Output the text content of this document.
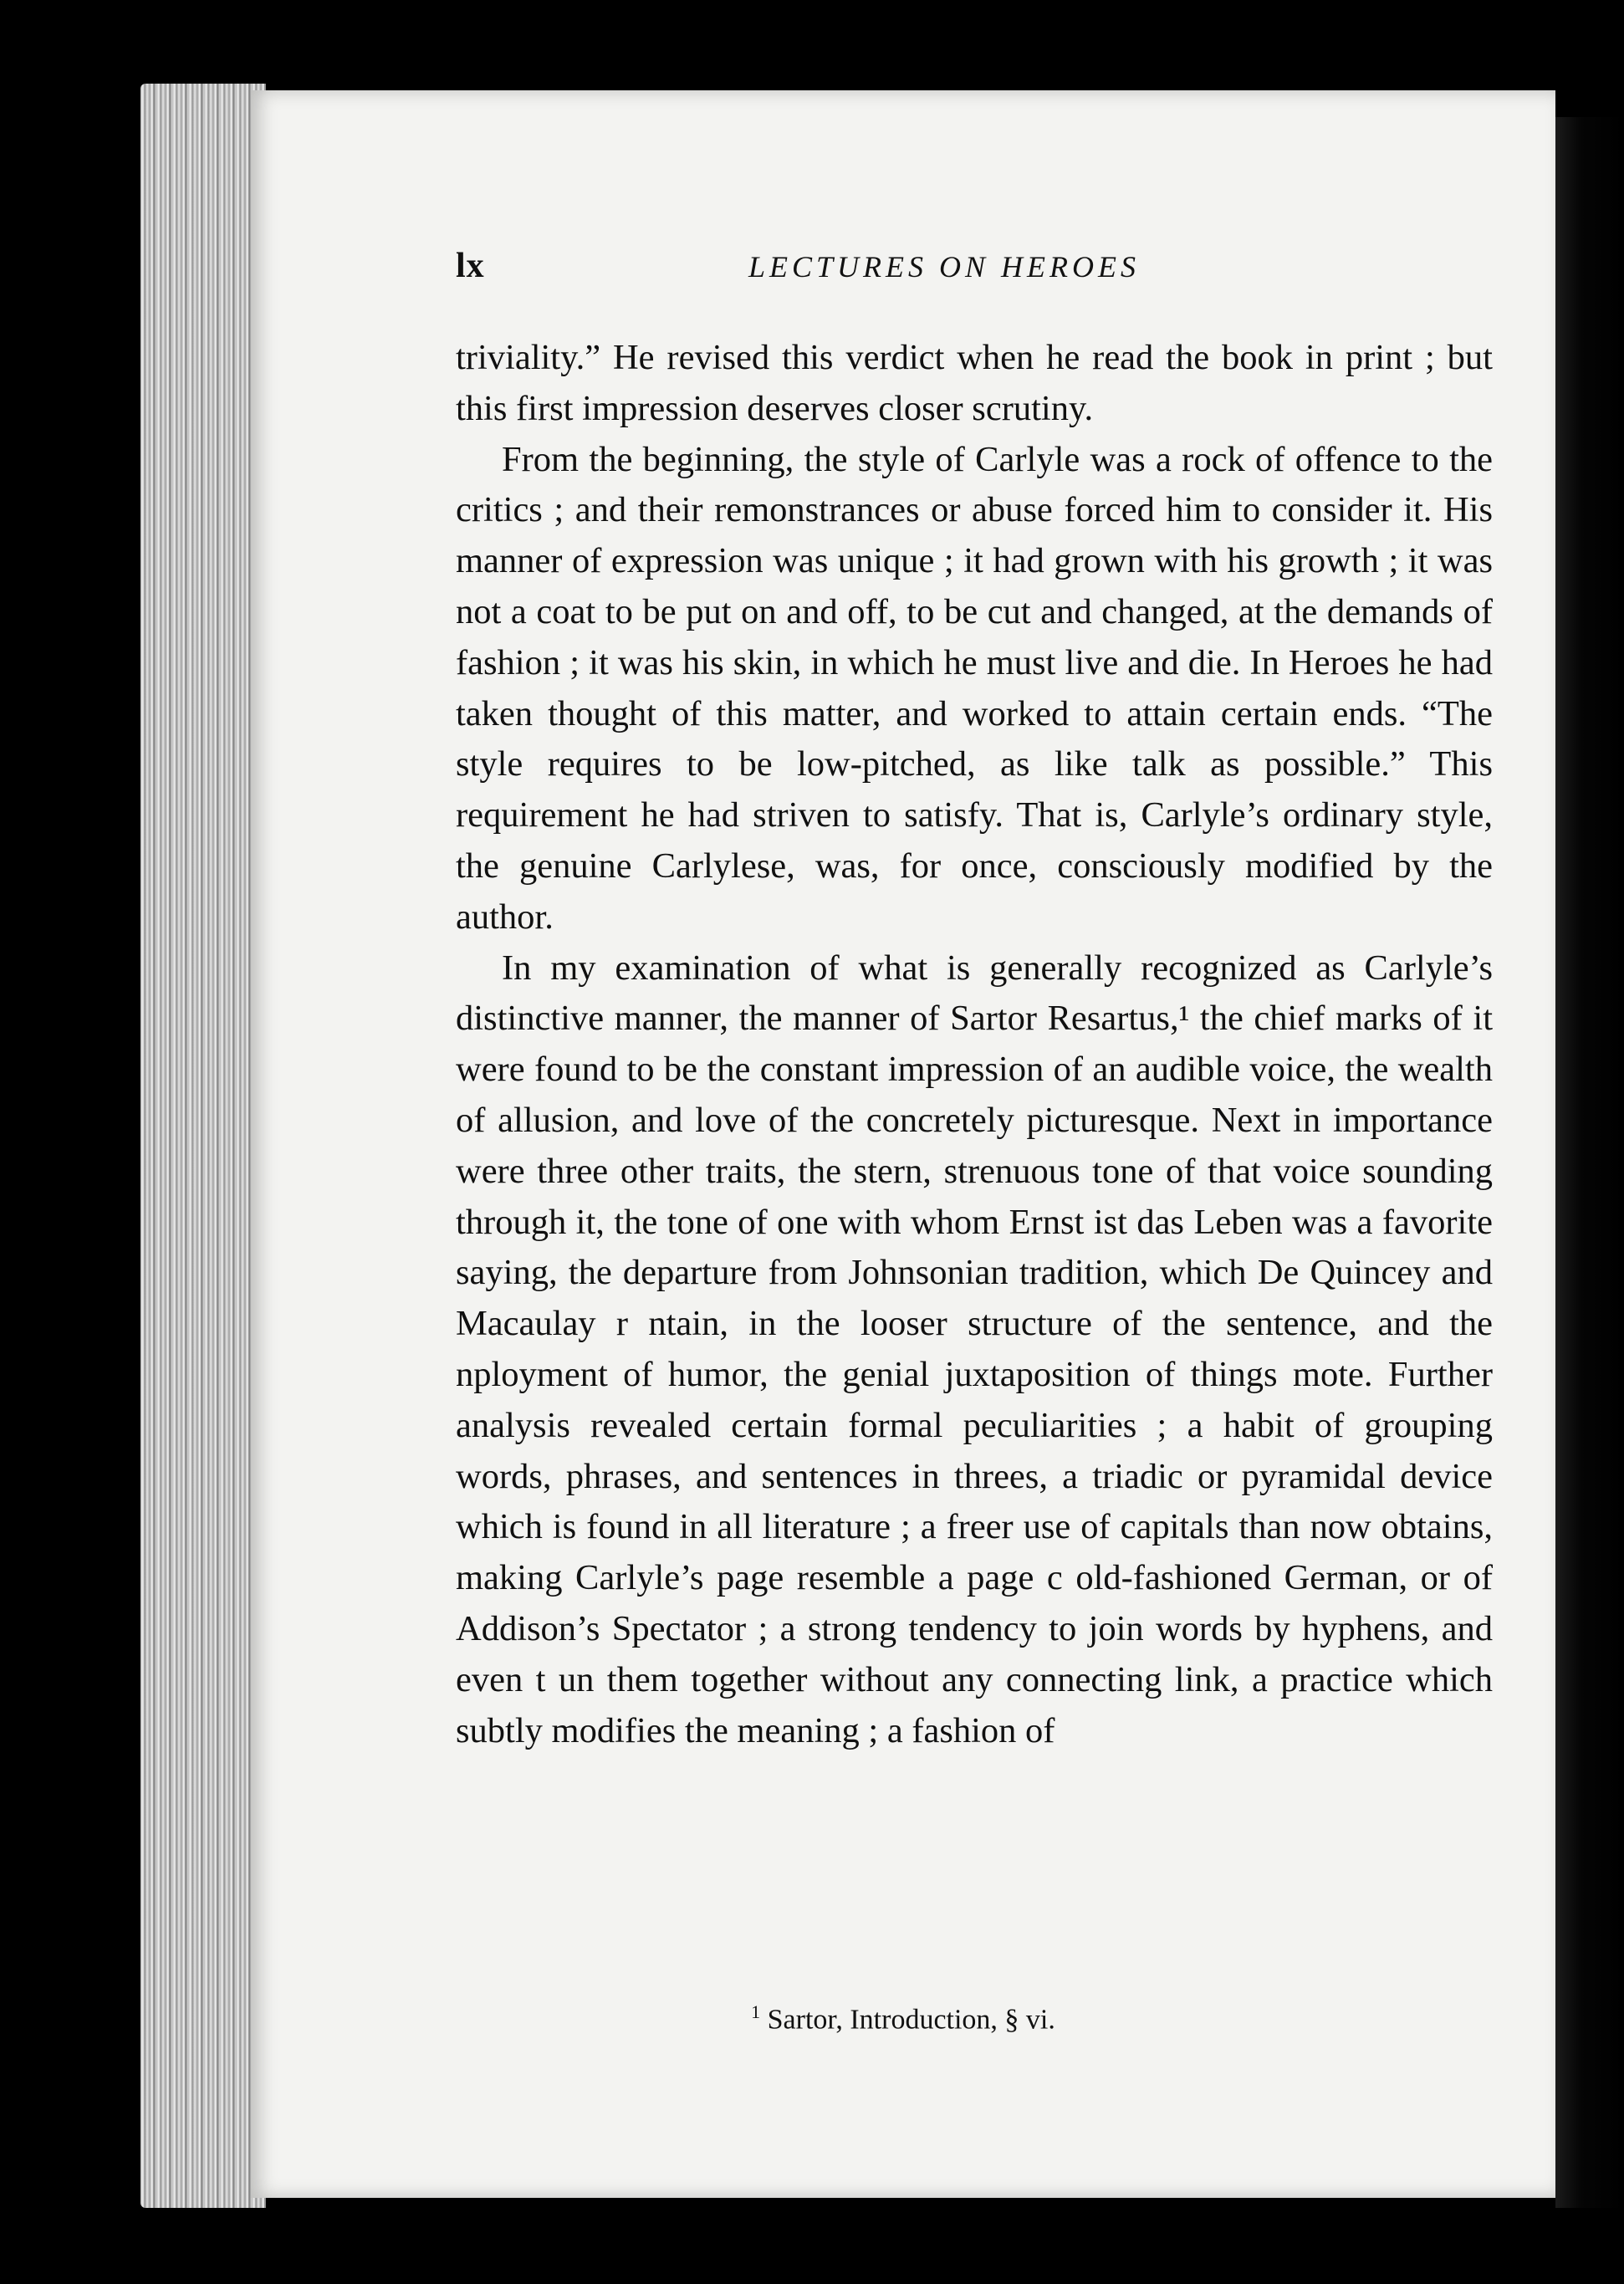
lx	LECTURES ON HEROES

triviality.” He revised this verdict when he read the book in print ; but this first impression deserves closer scrutiny.

From the beginning, the style of Carlyle was a rock of offence to the critics ; and their remonstrances or abuse forced him to consider it. His manner of expression was unique ; it had grown with his growth ; it was not a coat to be put on and off, to be cut and changed, at the demands of fashion ; it was his skin, in which he must live and die. In Heroes he had taken thought of this matter, and worked to attain certain ends. “The style requires to be low-pitched, as like talk as possible.” This requirement he had striven to satisfy. That is, Carlyle’s ordinary style, the genuine Carlylese, was, for once, consciously modified by the author.

In my examination of what is generally recognized as Carlyle’s distinctive manner, the manner of Sartor Resartus,¹ the chief marks of it were found to be the constant impression of an audible voice, the wealth of allusion, and love of the concretely picturesque. Next in importance were three other traits, the stern, strenuous tone of that voice sounding through it, the tone of one with whom Ernst ist das Leben was a favorite saying, the departure from Johnsonian tradition, which De Quincey and Macaulay r ntain, in the looser structure of the sentence, and the nployment of humor, the genial juxtaposition of things mote. Further analysis revealed certain formal peculiarities ; a habit of grouping words, phrases, and sentences in threes, a triadic or pyramidal device which is found in all literature ; a freer use of capitals than now obtains, making Carlyle’s page resemble a page c old-fashioned German, or of Addison’s Spectator ; a strong tendency to join words by hyphens, and even t un them together without any connecting link, a practice which subtly modifies the meaning ; a fashion of

$^1$ Sartor, Introduction, § vi.
